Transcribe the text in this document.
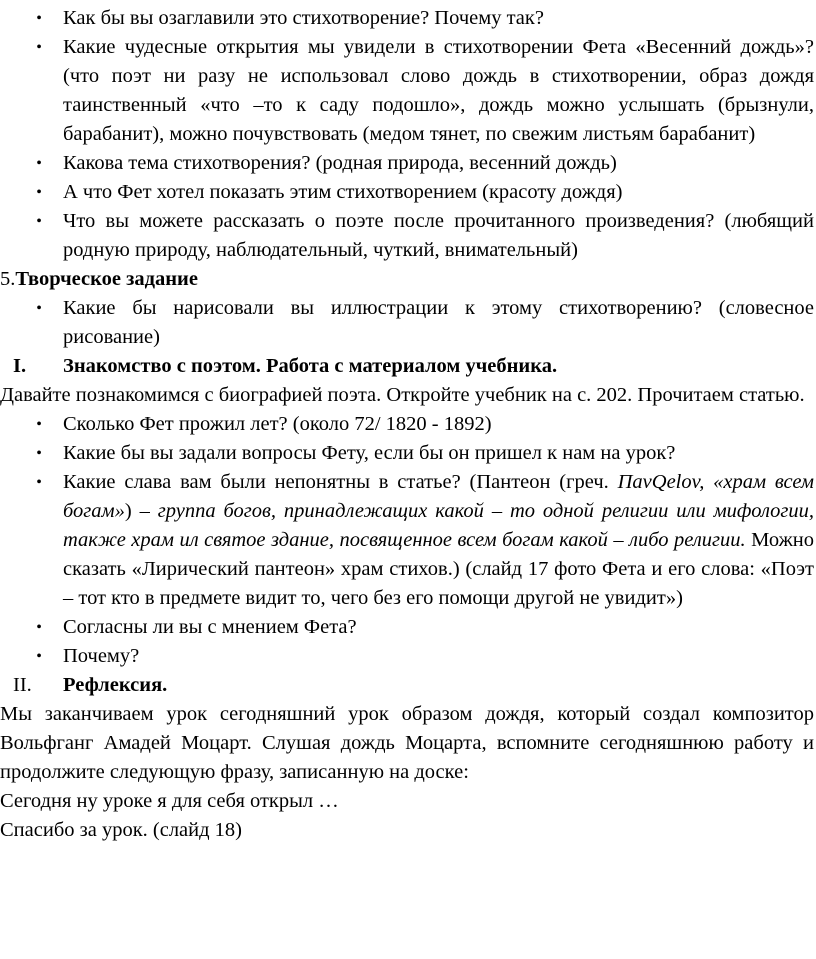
• Как бы вы озаглавили это стихотворение? Почему так?
• Какие чудесные открытия мы увидели в стихотворении Фета «Весенний дождь»? (что поэт ни разу не использовал слово дождь в стихотворении, образ дождя таинственный «что –то к саду подошло», дождь можно услышать (брызнули, барабанит), можно почувствовать (медом тянет, по свежим листьям барабанит)
• Какова тема стихотворения? (родная природа, весенний дождь)
• А что Фет хотел показать этим стихотворением (красоту дождя)
• Что вы можете рассказать о поэте после прочитанного произведения? (любящий родную природу, наблюдательный, чуткий, внимательный)
5.Творческое задание
• Какие бы нарисовали вы иллюстрации к этому стихотворению? (словесное рисование)
I. Знакомство с поэтом. Работа с материалом учебника.
Давайте познакомимся с биографией поэта. Откройте учебник на с. 202. Прочитаем статью.
• Сколько Фет прожил лет? (около 72/ 1820 - 1892)
• Какие бы вы задали вопросы Фету, если бы он пришел к нам на урок?
• Какие слава вам были непонятны в статье? (Пантеон (греч. ΠavQelov, «храм всем богам») – группа богов, принадлежащих какой – то одной религии или мифологии, также храм ил святое здание, посвященное всем богам какой – либо религии. Можно сказать «Лирический пантеон» храм стихов.) (слайд 17 фото Фета и его слова: «Поэт – тот кто в предмете видит то, чего без его помощи другой не увидит»)
• Согласны ли вы с мнением Фета?
• Почему?
II. Рефлексия.
Мы заканчиваем урок сегодняшний урок образом дождя, который создал композитор Вольфганг Амадей Моцарт. Слушая дождь Моцарта, вспомните сегодняшнюю работу и продолжите следующую фразу, записанную на доске:
Сегодня ну уроке я для себя открыл …
Спасибо за урок. (слайд 18)
